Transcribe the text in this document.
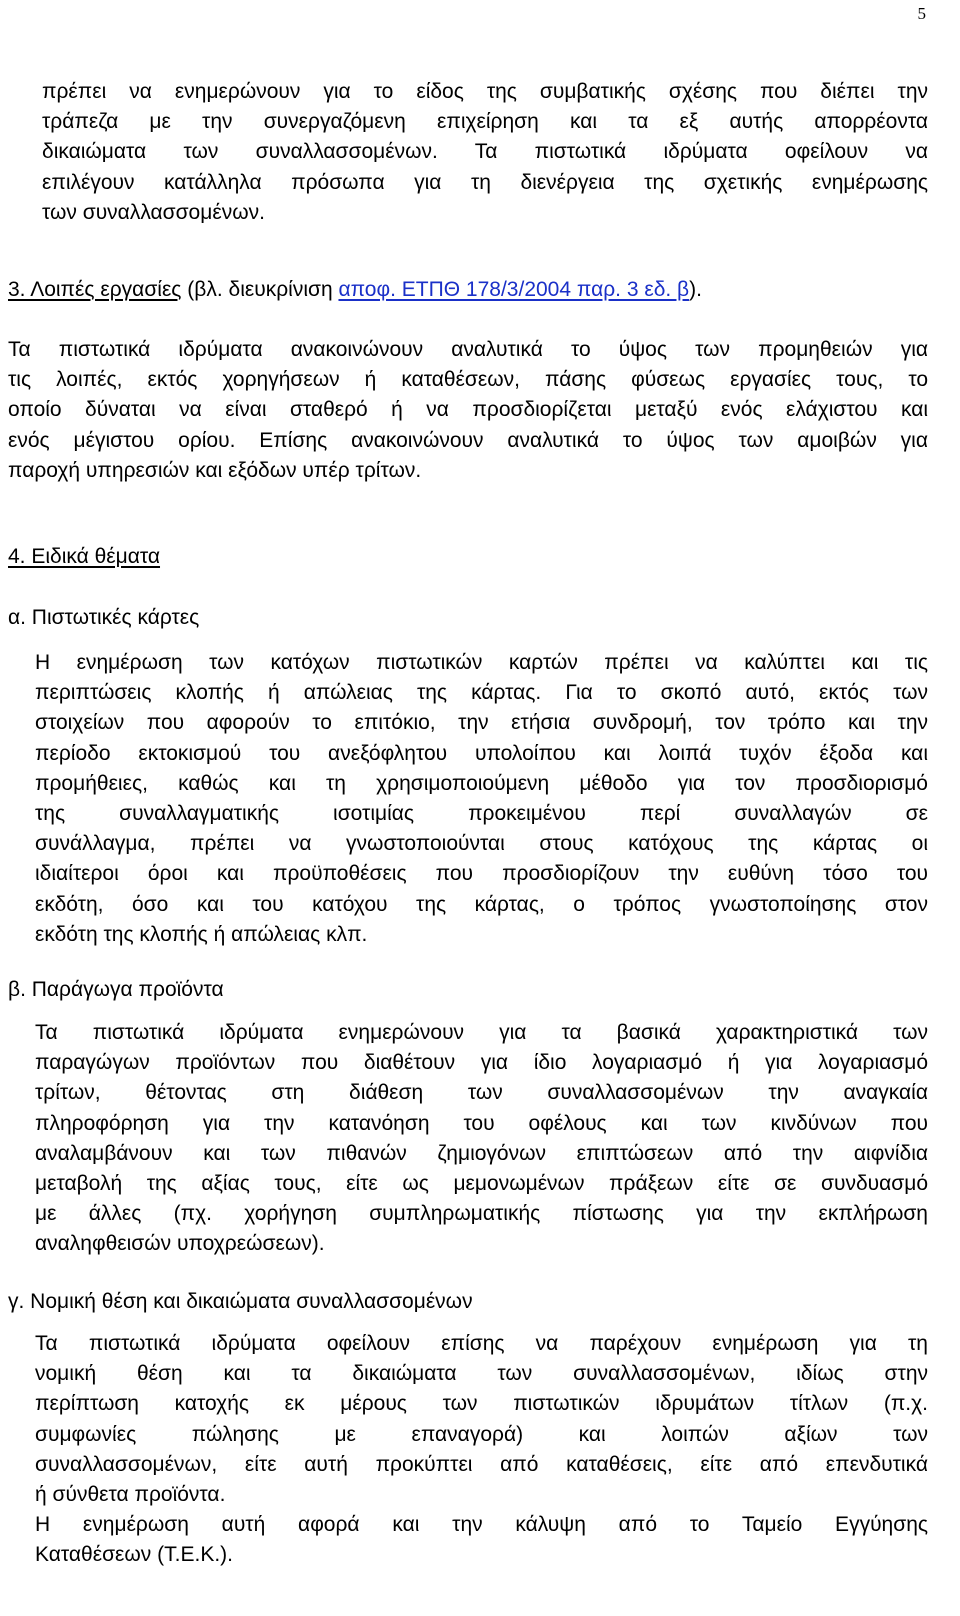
5
πρέπει να ενημερώνουν για το είδος της συμβατικής σχέσης που διέπει την
τράπεζα με την συνεργαζόμενη επιχείρηση και τα εξ αυτής απορρέοντα
δικαιώματα των συναλλασσομένων. Τα πιστωτικά ιδρύματα οφείλουν να
επιλέγουν κατάλληλα πρόσωπα για τη διενέργεια της σχετικής ενημέρωσης
των συναλλασσομένων.
3. Λοιπές εργασίες (βλ. διευκρίνιση αποφ. ΕΤΠΘ 178/3/2004 παρ. 3 εδ. β).
Τα πιστωτικά ιδρύματα ανακοινώνουν αναλυτικά το ύψος των προμηθειών για
τις λοιπές, εκτός χορηγήσεων ή καταθέσεων, πάσης φύσεως εργασίες τους, το
οποίο δύναται να είναι σταθερό ή να προσδιορίζεται μεταξύ ενός ελάχιστου και
ενός μέγιστου ορίου. Επίσης ανακοινώνουν αναλυτικά το ύψος των αμοιβών για
παροχή υπηρεσιών και εξόδων υπέρ τρίτων.
4. Ειδικά θέματα
α. Πιστωτικές κάρτες
Η ενημέρωση των κατόχων πιστωτικών καρτών πρέπει να καλύπτει και τις
περιπτώσεις κλοπής ή απώλειας της κάρτας. Για το σκοπό αυτό, εκτός των
στοιχείων που αφορούν το επιτόκιο, την ετήσια συνδρομή, τον τρόπο και την
περίοδο εκτοκισμού του ανεξόφλητου υπολοίπου και λοιπά τυχόν έξοδα και
προμήθειες, καθώς και τη χρησιμοποιούμενη μέθοδο για τον προσδιορισμό
της συναλλαγματικής ισοτιμίας προκειμένου περί συναλλαγών σε
συνάλλαγμα, πρέπει να γνωστοποιούνται στους κατόχους της κάρτας οι
ιδιαίτεροι όροι και προϋποθέσεις που προσδιορίζουν την ευθύνη τόσο του
εκδότη, όσο και του κατόχου της κάρτας, ο τρόπος γνωστοποίησης στον
εκδότη της κλοπής ή απώλειας κλπ.
β. Παράγωγα προϊόντα
Τα πιστωτικά ιδρύματα ενημερώνουν για τα βασικά χαρακτηριστικά των
παραγώγων προϊόντων που διαθέτουν για ίδιο λογαριασμό ή για λογαριασμό
τρίτων, θέτοντας στη διάθεση των συναλλασσομένων την αναγκαία
πληροφόρηση για την κατανόηση του οφέλους και των κινδύνων που
αναλαμβάνουν και των πιθανών ζημιογόνων επιπτώσεων από την αιφνίδια
μεταβολή της αξίας τους, είτε ως μεμονωμένων πράξεων είτε σε συνδυασμό
με άλλες (πχ. χορήγηση συμπληρωματικής πίστωσης για την εκπλήρωση
αναληφθεισών υποχρεώσεων).
γ. Νομική θέση και δικαιώματα συναλλασσομένων
Τα πιστωτικά ιδρύματα οφείλουν επίσης να παρέχουν ενημέρωση για τη
νομική θέση και τα δικαιώματα των συναλλασσομένων, ιδίως στην
περίπτωση κατοχής εκ μέρους των πιστωτικών ιδρυμάτων τίτλων (π.χ.
συμφωνίες πώλησης με επαναγορά) και λοιπών αξίων των
συναλλασσομένων, είτε αυτή προκύπτει από καταθέσεις, είτε από επενδυτικά
ή σύνθετα προϊόντα.
Η ενημέρωση αυτή αφορά και την κάλυψη από το Ταμείο Εγγύησης
Καταθέσεων (Τ.Ε.Κ.).
